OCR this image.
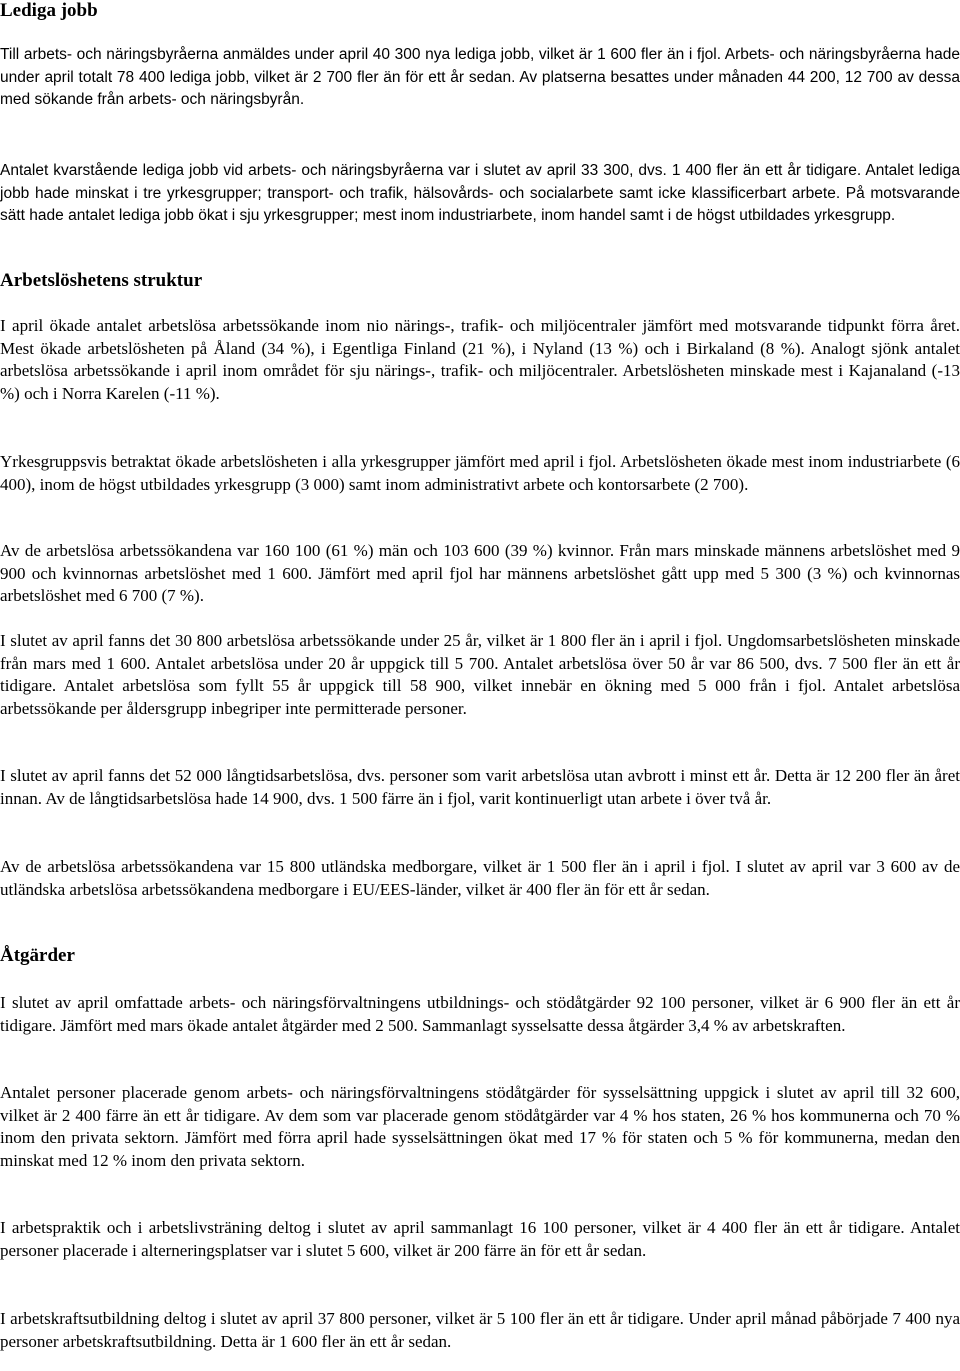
Lediga jobb

Till arbets- och näringsbyråerna anmäldes under april 40 300 nya lediga jobb, vilket är 1 600 fler än i fjol. Arbets- och näringsbyråerna hade under april totalt 78 400 lediga jobb, vilket är 2 700 fler än för ett år sedan. Av platserna besattes under månaden 44 200, 12 700 av dessa med sökande från arbets- och näringsbyrån.

Antalet kvarstående lediga jobb vid arbets- och näringsbyråerna var i slutet av april 33 300, dvs. 1 400 fler än ett år tidigare. Antalet lediga jobb hade minskat i tre yrkesgrupper; transport- och trafik, hälsovårds- och socialarbete samt icke klassificerbart arbete. På motsvarande sätt hade antalet lediga jobb ökat i sju yrkesgrupper; mest inom industriarbete, inom handel samt i de högst utbildades yrkesgrupp.

Arbetslöshetens struktur

I april ökade antalet arbetslösa arbetssökande inom nio närings-, trafik- och miljöcentraler jämfört med motsvarande tidpunkt förra året. Mest ökade arbetslösheten på Åland (34 %), i Egentliga Finland (21 %), i Nyland (13 %) och i Birkaland (8 %). Analogt sjönk antalet arbetslösa arbetssökande i april inom området för sju närings-, trafik- och miljöcentraler. Arbetslösheten minskade mest i Kajanaland (-13 %) och i Norra Karelen (-11 %).

Yrkesgruppsvis betraktat ökade arbetslösheten i alla yrkesgrupper jämfört med april i fjol. Arbetslösheten ökade mest inom industriarbete (6 400), inom de högst utbildades yrkesgrupp (3 000) samt inom administrativt arbete och kontorsarbete (2 700).

Av de arbetslösa arbetssökandena var 160 100 (61 %) män och 103 600 (39 %) kvinnor. Från mars minskade männens arbetslöshet med 9 900 och kvinnornas arbetslöshet med 1 600. Jämfört med april fjol har männens arbetslöshet gått upp med 5 300 (3 %) och kvinnornas arbetslöshet med 6 700 (7 %).

I slutet av april fanns det 30 800 arbetslösa arbetssökande under 25 år, vilket är 1 800 fler än i april i fjol. Ungdomsarbetslösheten minskade från mars med 1 600. Antalet arbetslösa under 20 år uppgick till 5 700. Antalet arbetslösa över 50 år var 86 500, dvs. 7 500 fler än ett år tidigare. Antalet arbetslösa som fyllt 55 år uppgick till 58 900, vilket innebär en ökning med 5 000 från i fjol. Antalet arbetslösa arbetssökande per åldersgrupp inbegriper inte permitterade personer.

I slutet av april fanns det 52 000 långtidsarbetslösa, dvs. personer som varit arbetslösa utan avbrott i minst ett år. Detta är 12 200 fler än året innan. Av de långtidsarbetslösa hade 14 900, dvs. 1 500 färre än i fjol, varit kontinuerligt utan arbete i över två år.

Av de arbetslösa arbetssökandena var 15 800 utländska medborgare, vilket är 1 500 fler än i april i fjol. I slutet av april var 3 600 av de utländska arbetslösa arbetssökandena medborgare i EU/EES-länder, vilket är 400 fler än för ett år sedan.

Åtgärder

I slutet av april omfattade arbets- och näringsförvaltningens utbildnings- och stödåtgärder 92 100 personer, vilket är 6 900 fler än ett år tidigare. Jämfört med mars ökade antalet åtgärder med 2 500. Sammanlagt sysselsatte dessa åtgärder 3,4 % av arbetskraften.

Antalet personer placerade genom arbets- och näringsförvaltningens stödåtgärder för sysselsättning uppgick i slutet av april till 32 600, vilket är 2 400 färre än ett år tidigare. Av dem som var placerade genom stödåtgärder var 4 % hos staten, 26 % hos kommunerna och 70 % inom den privata sektorn. Jämfört med förra april hade sysselsättningen ökat med 17 % för staten och 5 % för kommunerna, medan den minskat med 12 % inom den privata sektorn.

I arbetspraktik och i arbetslivsträning deltog i slutet av april sammanlagt 16 100 personer, vilket är 4 400 fler än ett år tidigare. Antalet personer placerade i alterneringsplatser var i slutet 5 600, vilket är 200 färre än för ett år sedan.

I arbetskraftsutbildning deltog i slutet av april 37 800 personer, vilket är 5 100 fler än ett år tidigare. Under april månad påbörjade 7 400 nya personer arbetskraftsutbildning. Detta är 1 600 fler än ett år sedan.
